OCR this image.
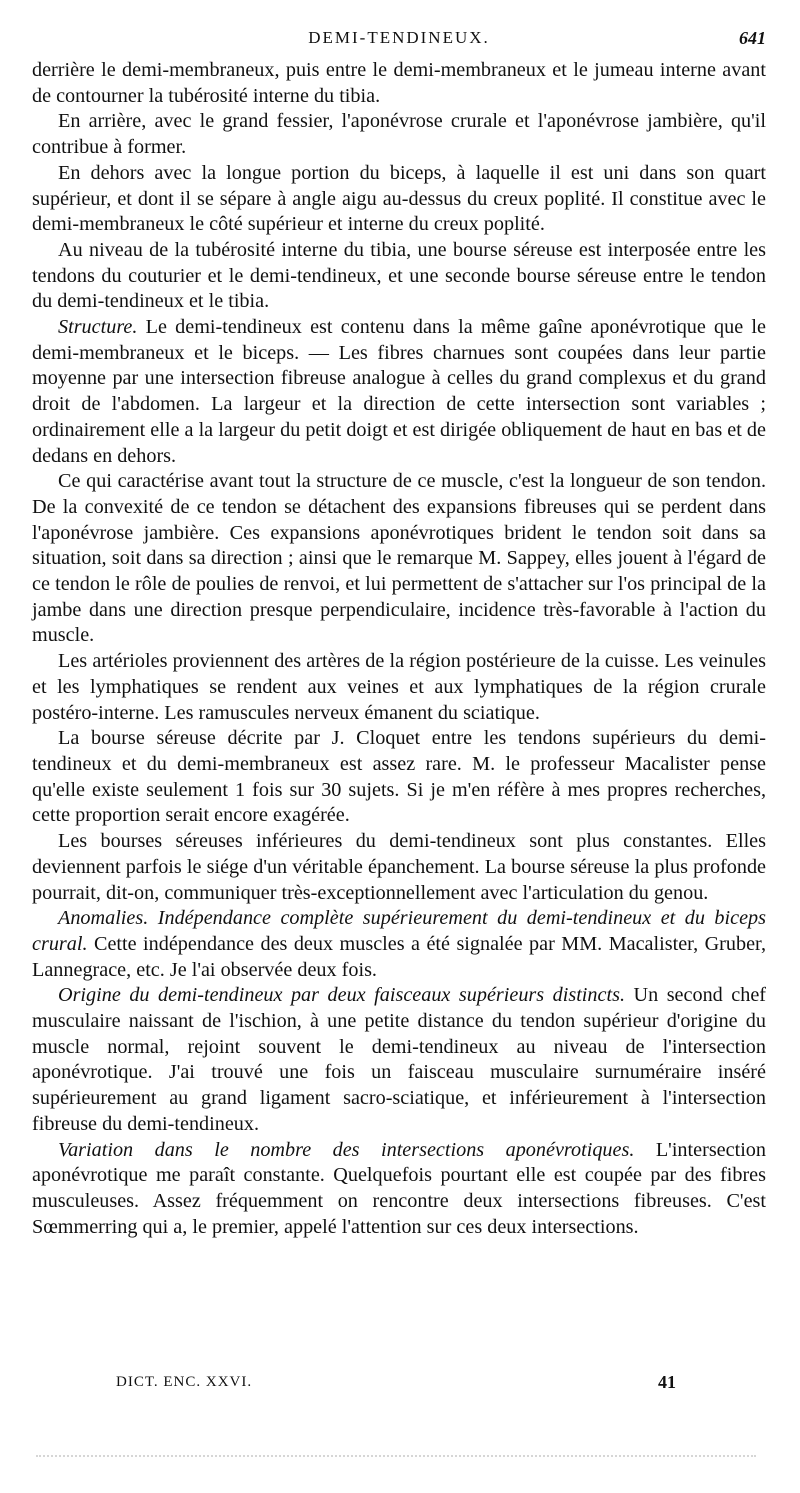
DEMI-TENDINEUX.	641

derrière le demi-membraneux, puis entre le demi-membraneux et le jumeau interne avant de contourner la tubérosité interne du tibia.

En arrière, avec le grand fessier, l'aponévrose crurale et l'aponévrose jambière, qu'il contribue à former.

En dehors avec la longue portion du biceps, à laquelle il est uni dans son quart supérieur, et dont il se sépare à angle aigu au-dessus du creux poplité. Il constitue avec le demi-membraneux le côté supérieur et interne du creux poplité.

Au niveau de la tubérosité interne du tibia, une bourse séreuse est interposée entre les tendons du couturier et le demi-tendineux, et une seconde bourse séreuse entre le tendon du demi-tendineux et le tibia.

Structure. Le demi-tendineux est contenu dans la même gaîne aponévrotique que le demi-membraneux et le biceps. — Les fibres charnues sont coupées dans leur partie moyenne par une intersection fibreuse analogue à celles du grand complexus et du grand droit de l'abdomen. La largeur et la direction de cette intersection sont variables ; ordinairement elle a la largeur du petit doigt et est dirigée obliquement de haut en bas et de dedans en dehors.

Ce qui caractérise avant tout la structure de ce muscle, c'est la longueur de son tendon. De la convexité de ce tendon se détachent des expansions fibreuses qui se perdent dans l'aponévrose jambière. Ces expansions aponévrotiques brident le tendon soit dans sa situation, soit dans sa direction ; ainsi que le remarque M. Sappey, elles jouent à l'égard de ce tendon le rôle de poulies de renvoi, et lui permettent de s'attacher sur l'os principal de la jambe dans une direction presque perpendiculaire, incidence très-favorable à l'action du muscle.

Les artérioles proviennent des artères de la région postérieure de la cuisse. Les veinules et les lymphatiques se rendent aux veines et aux lymphatiques de la région crurale postéro-interne. Les ramuscules nerveux émanent du sciatique.

La bourse séreuse décrite par J. Cloquet entre les tendons supérieurs du demi-tendineux et du demi-membraneux est assez rare. M. le professeur Macalister pense qu'elle existe seulement 1 fois sur 30 sujets. Si je m'en réfère à mes propres recherches, cette proportion serait encore exagérée.

Les bourses séreuses inférieures du demi-tendineux sont plus constantes. Elles deviennent parfois le siége d'un véritable épanchement. La bourse séreuse la plus profonde pourrait, dit-on, communiquer très-exceptionnellement avec l'articulation du genou.

Anomalies. Indépendance complète supérieurement du demi-tendineux et du biceps crural. Cette indépendance des deux muscles a été signalée par MM. Macalister, Gruber, Lannegrace, etc. Je l'ai observée deux fois.

Origine du demi-tendineux par deux faisceaux supérieurs distincts. Un second chef musculaire naissant de l'ischion, à une petite distance du tendon supérieur d'origine du muscle normal, rejoint souvent le demi-tendineux au niveau de l'intersection aponévrotique. J'ai trouvé une fois un faisceau musculaire surnuméraire inséré supérieurement au grand ligament sacro-sciatique, et inférieurement à l'intersection fibreuse du demi-tendineux.

Variation dans le nombre des intersections aponévrotiques. L'intersection aponévrotique me paraît constante. Quelquefois pourtant elle est coupée par des fibres musculeuses. Assez fréquemment on rencontre deux intersections fibreuses. C'est Sœmmerring qui a, le premier, appelé l'attention sur ces deux intersections.

DICT. ENC. XXVI.	41
